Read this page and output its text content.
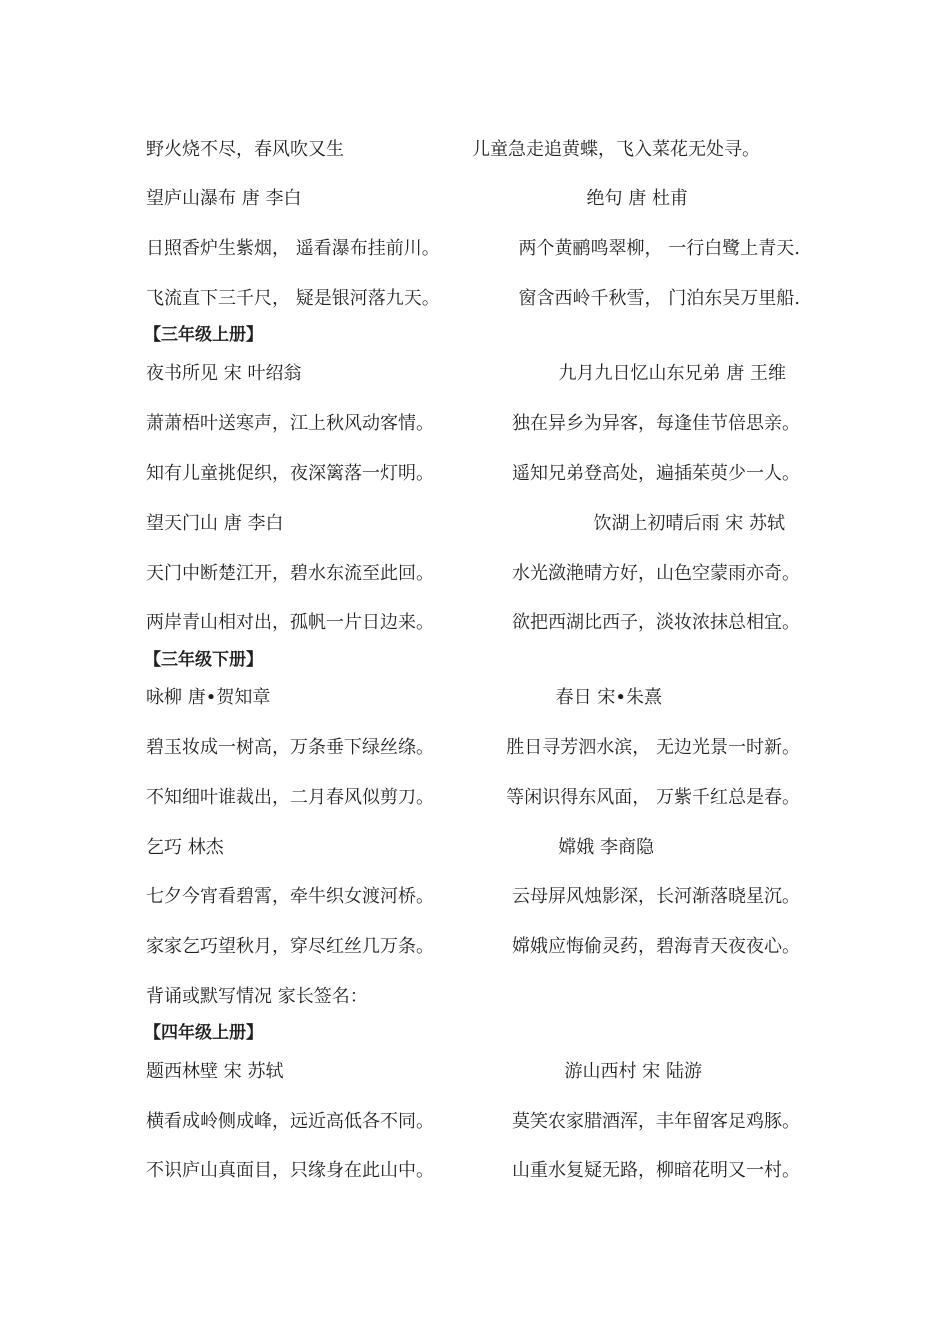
野火烧不尽，春风吹又生	儿童急走追黄蝶，飞入菜花无处寻。
望庐山瀑布 唐 李白	绝句 唐 杜甫
日照香炉生紫烟， 遥看瀑布挂前川。	两个黄鹂鸣翠柳， 一行白鹭上青天.
飞流直下三千尺， 疑是银河落九天。	窗含西岭千秋雪， 门泊东吴万里船.
【三年级上册】
夜书所见 宋 叶绍翁	九月九日忆山东兄弟 唐 王维
萧萧梧叶送寒声，江上秋风动客情。	独在异乡为异客，每逢佳节倍思亲。
知有儿童挑促织，夜深篱落一灯明。	遥知兄弟登高处，遍插茱萸少一人。
望天门山 唐 李白	饮湖上初晴后雨 宋 苏轼
天门中断楚江开，碧水东流至此回。	水光潋滟晴方好，山色空蒙雨亦奇。
两岸青山相对出，孤帆一片日边来。	欲把西湖比西子，淡妆浓抹总相宜。
【三年级下册】
咏柳 唐•贺知章	春日 宋•朱熹
碧玉妆成一树高，万条垂下绿丝绦。	胜日寻芳泗水滨， 无边光景一时新。
不知细叶谁裁出，二月春风似剪刀。	等闲识得东风面， 万紫千红总是春。
乞巧 林杰	嫦娥 李商隐
七夕今宵看碧霄，牵牛织女渡河桥。	云母屏风烛影深，长河渐落晓星沉。
家家乞巧望秋月，穿尽红丝几万条。	嫦娥应悔偷灵药，碧海青天夜夜心。
背诵或默写情况 家长签名：
【四年级上册】
题西林壁 宋 苏轼	游山西村 宋 陆游
横看成岭侧成峰，远近高低各不同。	莫笑农家腊酒浑，丰年留客足鸡豚。
不识庐山真面目，只缘身在此山中。	山重水复疑无路，柳暗花明又一村。
